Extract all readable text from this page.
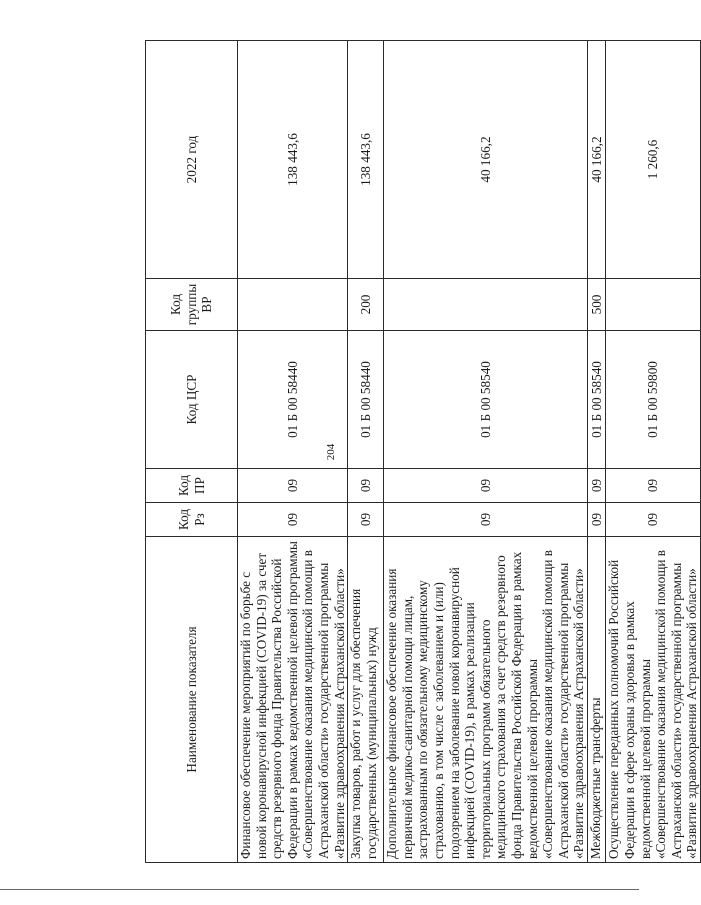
204
Наименование показателя	Код Рз	Код ПР	Код ЦСР	Код группы ВР	2022 год
Финансовое обеспечение мероприятий по борьбе с новой коронавирусной инфекцией (COVID-19) за счет средств резервного фонда Правительства Российской Федерации в рамках ведомственной целевой программы «Совершенствование оказания медицинской помощи в Астраханской области» государственной программы «Развитие здравоохранения Астраханской области»	09	09	01 Б 00 58440		138 443,6
Закупка товаров, работ и услуг для обеспечения государственных (муниципальных) нужд	09	09	01 Б 00 58440	200	138 443,6
Дополнительное финансовое обеспечение оказания первичной медико-санитарной помощи лицам, застрахованным по обязательному медицинскому страхованию, в том числе с заболеванием и (или) подозрением на заболевание новой коронавирусной инфекцией (COVID-19), в рамках реализации территориальных программ обязательного медицинского страхования за счет средств резервного фонда Правительства Российской Федерации в рамках ведомственной целевой программы «Совершенствование оказания медицинской помощи в Астраханской области» государственной программы «Развитие здравоохранения Астраханской области»	09	09	01 Б 00 58540		40 166,2
Межбюджетные трансферты	09	09	01 Б 00 58540	500	40 166,2
Осуществление переданных полномочий Российской Федерации в сфере охраны здоровья в рамках ведомственной целевой программы «Совершенствование оказания медицинской помощи в Астраханской области» государственной программы «Развитие здравоохранения Астраханской области»	09	09	01 Б 00 59800		1 260,6
